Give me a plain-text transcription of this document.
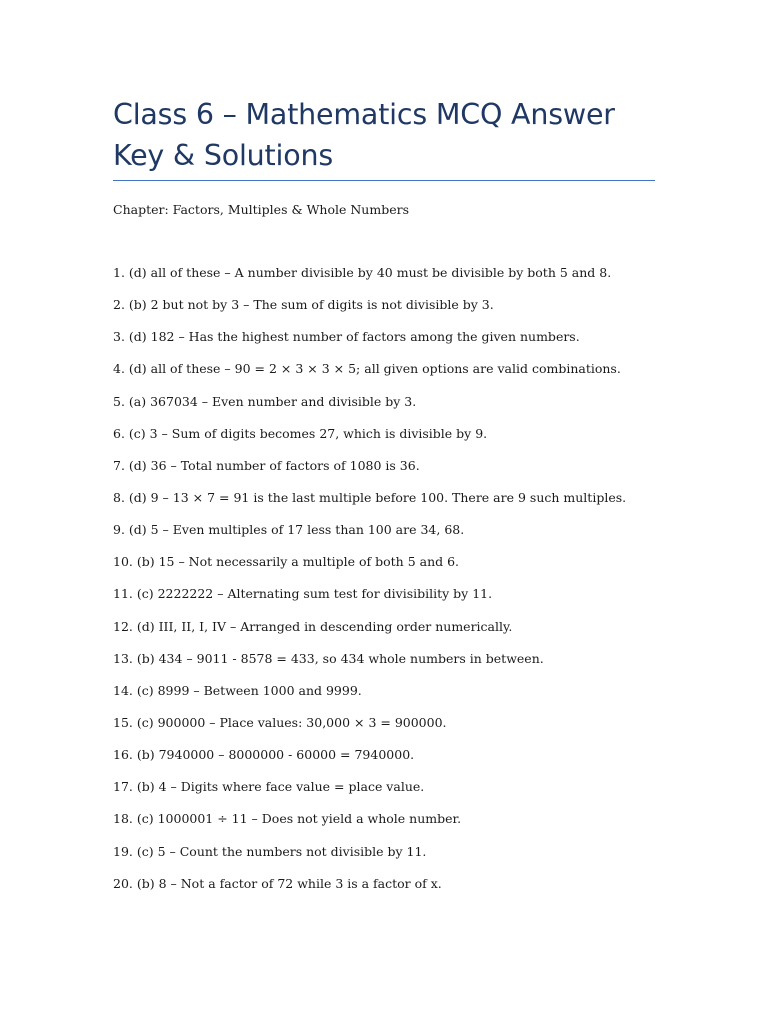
Class 6 – Mathematics MCQ Answer Key & Solutions

Chapter: Factors, Multiples & Whole Numbers

1. (d) all of these – A number divisible by 40 must be divisible by both 5 and 8.
2. (b) 2 but not by 3 – The sum of digits is not divisible by 3.
3. (d) 182 – Has the highest number of factors among the given numbers.
4. (d) all of these – 90 = 2 × 3 × 3 × 5; all given options are valid combinations.
5. (a) 367034 – Even number and divisible by 3.
6. (c) 3 – Sum of digits becomes 27, which is divisible by 9.
7. (d) 36 – Total number of factors of 1080 is 36.
8. (d) 9 – 13 × 7 = 91 is the last multiple before 100. There are 9 such multiples.
9. (d) 5 – Even multiples of 17 less than 100 are 34, 68.
10. (b) 15 – Not necessarily a multiple of both 5 and 6.
11. (c) 2222222 – Alternating sum test for divisibility by 11.
12. (d) III, II, I, IV – Arranged in descending order numerically.
13. (b) 434 – 9011 - 8578 = 433, so 434 whole numbers in between.
14. (c) 8999 – Between 1000 and 9999.
15. (c) 900000 – Place values: 30,000 × 3 = 900000.
16. (b) 7940000 – 8000000 - 60000 = 7940000.
17. (b) 4 – Digits where face value = place value.
18. (c) 1000001 ÷ 11 – Does not yield a whole number.
19. (c) 5 – Count the numbers not divisible by 11.
20. (b) 8 – Not a factor of 72 while 3 is a factor of x.
